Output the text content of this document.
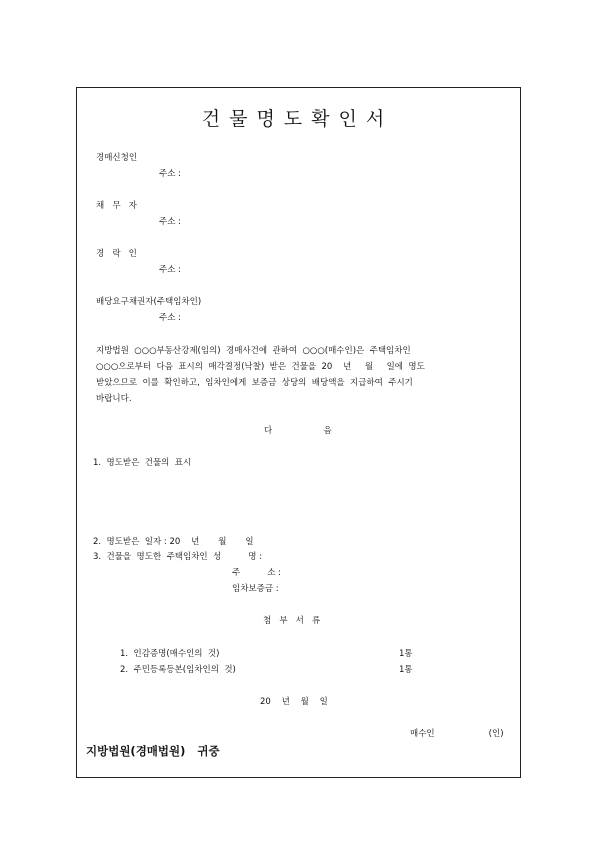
건물명도확인서
경매신청인
주소 :
채   무   자
주소 :
경   락   인
주소 :
배당요구채권자(주택임차인)
주소 :
지방법원  ○○○부동산강제(임의)  경매사건에  관하여  ○○○(매수인)은  주택임차인
○○○으로부터  다음  표시의  매각결정(낙찰)  받은  건물을  20    년     월     일에  명도
받았으므로  이를  확인하고,  임차인에게  보증금  상당의  배당액을  지급하여  주시기
바랍니다.
다                   음
1.  명도받은  건물의  표시
2.  명도받은  일자 : 20    년       월       일
3.  건물을  명도한  주택임차인  성          명 :
주          소 :
임차보증금 :
첨   부   서   류
1.  인감증명(매수인의  것)	1통
2.  주민등록등본(임차인의  것)	1통
20    년    월    일
매수인                    (인)
지방법원(경매법원)   귀중
